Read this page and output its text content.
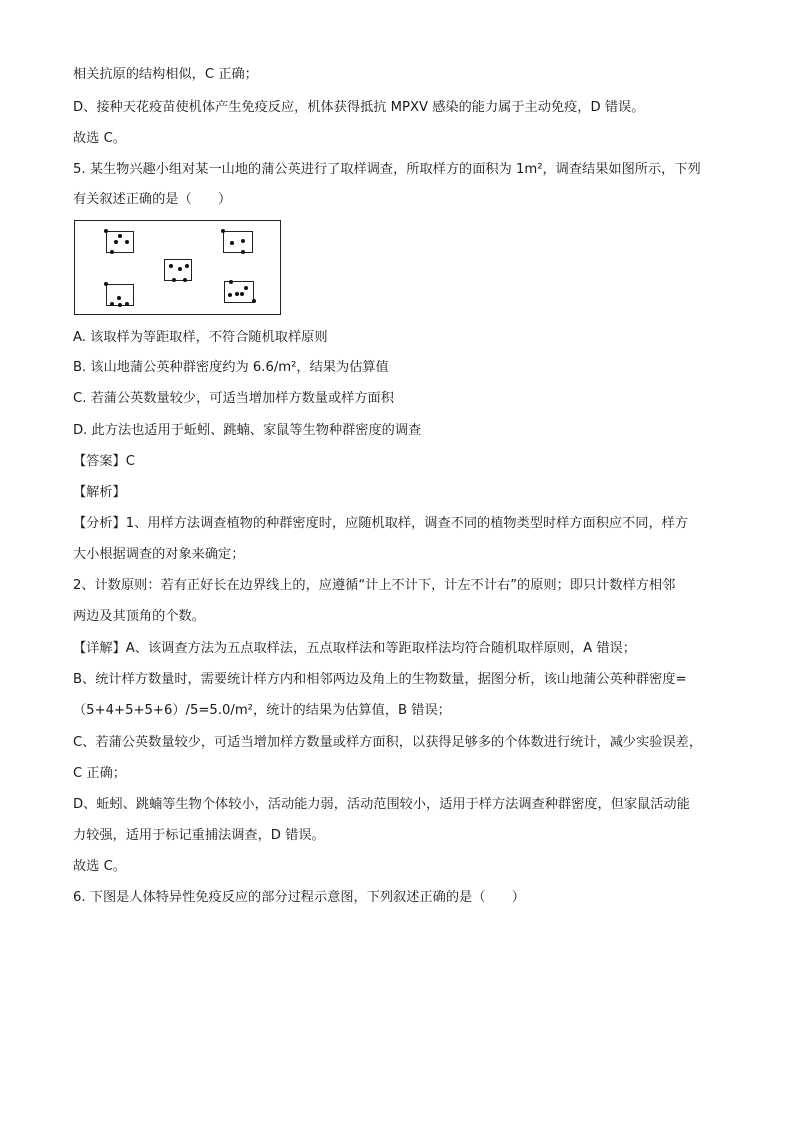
相关抗原的结构相似，C 正确；
D、接种天花疫苗使机体产生免疫反应，机体获得抵抗 MPXV 感染的能力属于主动免疫，D 错误。
故选 C。
5. 某生物兴趣小组对某一山地的蒲公英进行了取样调查，所取样方的面积为 1m²，调查结果如图所示，下列
有关叙述正确的是（　　）
A. 该取样为等距取样，不符合随机取样原则
B. 该山地蒲公英种群密度约为 6.6/m²，结果为估算值
C. 若蒲公英数量较少，可适当增加样方数量或样方面积
D. 此方法也适用于蚯蚓、跳蝻、家鼠等生物种群密度的调查
【答案】C
【解析】
【分析】1、用样方法调查植物的种群密度时，应随机取样，调查不同的植物类型时样方面积应不同，样方
大小根据调查的对象来确定；
2、计数原则：若有正好长在边界线上的，应遵循“计上不计下，计左不计右”的原则；即只计数样方相邻
两边及其顶角的个数。
【详解】A、该调查方法为五点取样法，五点取样法和等距取样法均符合随机取样原则，A 错误；
B、统计样方数量时，需要统计样方内和相邻两边及角上的生物数量，据图分析，该山地蒲公英种群密度=
（5+4+5+5+6）/5=5.0/m²，统计的结果为估算值，B 错误；
C、若蒲公英数量较少，可适当增加样方数量或样方面积，以获得足够多的个体数进行统计，减少实验误差，
C 正确；
D、蚯蚓、跳蝻等生物个体较小，活动能力弱，活动范围较小，适用于样方法调查种群密度，但家鼠活动能
力较强，适用于标记重捕法调查，D 错误。
故选 C。
6. 下图是人体特异性免疫反应的部分过程示意图，下列叙述正确的是（　　）
